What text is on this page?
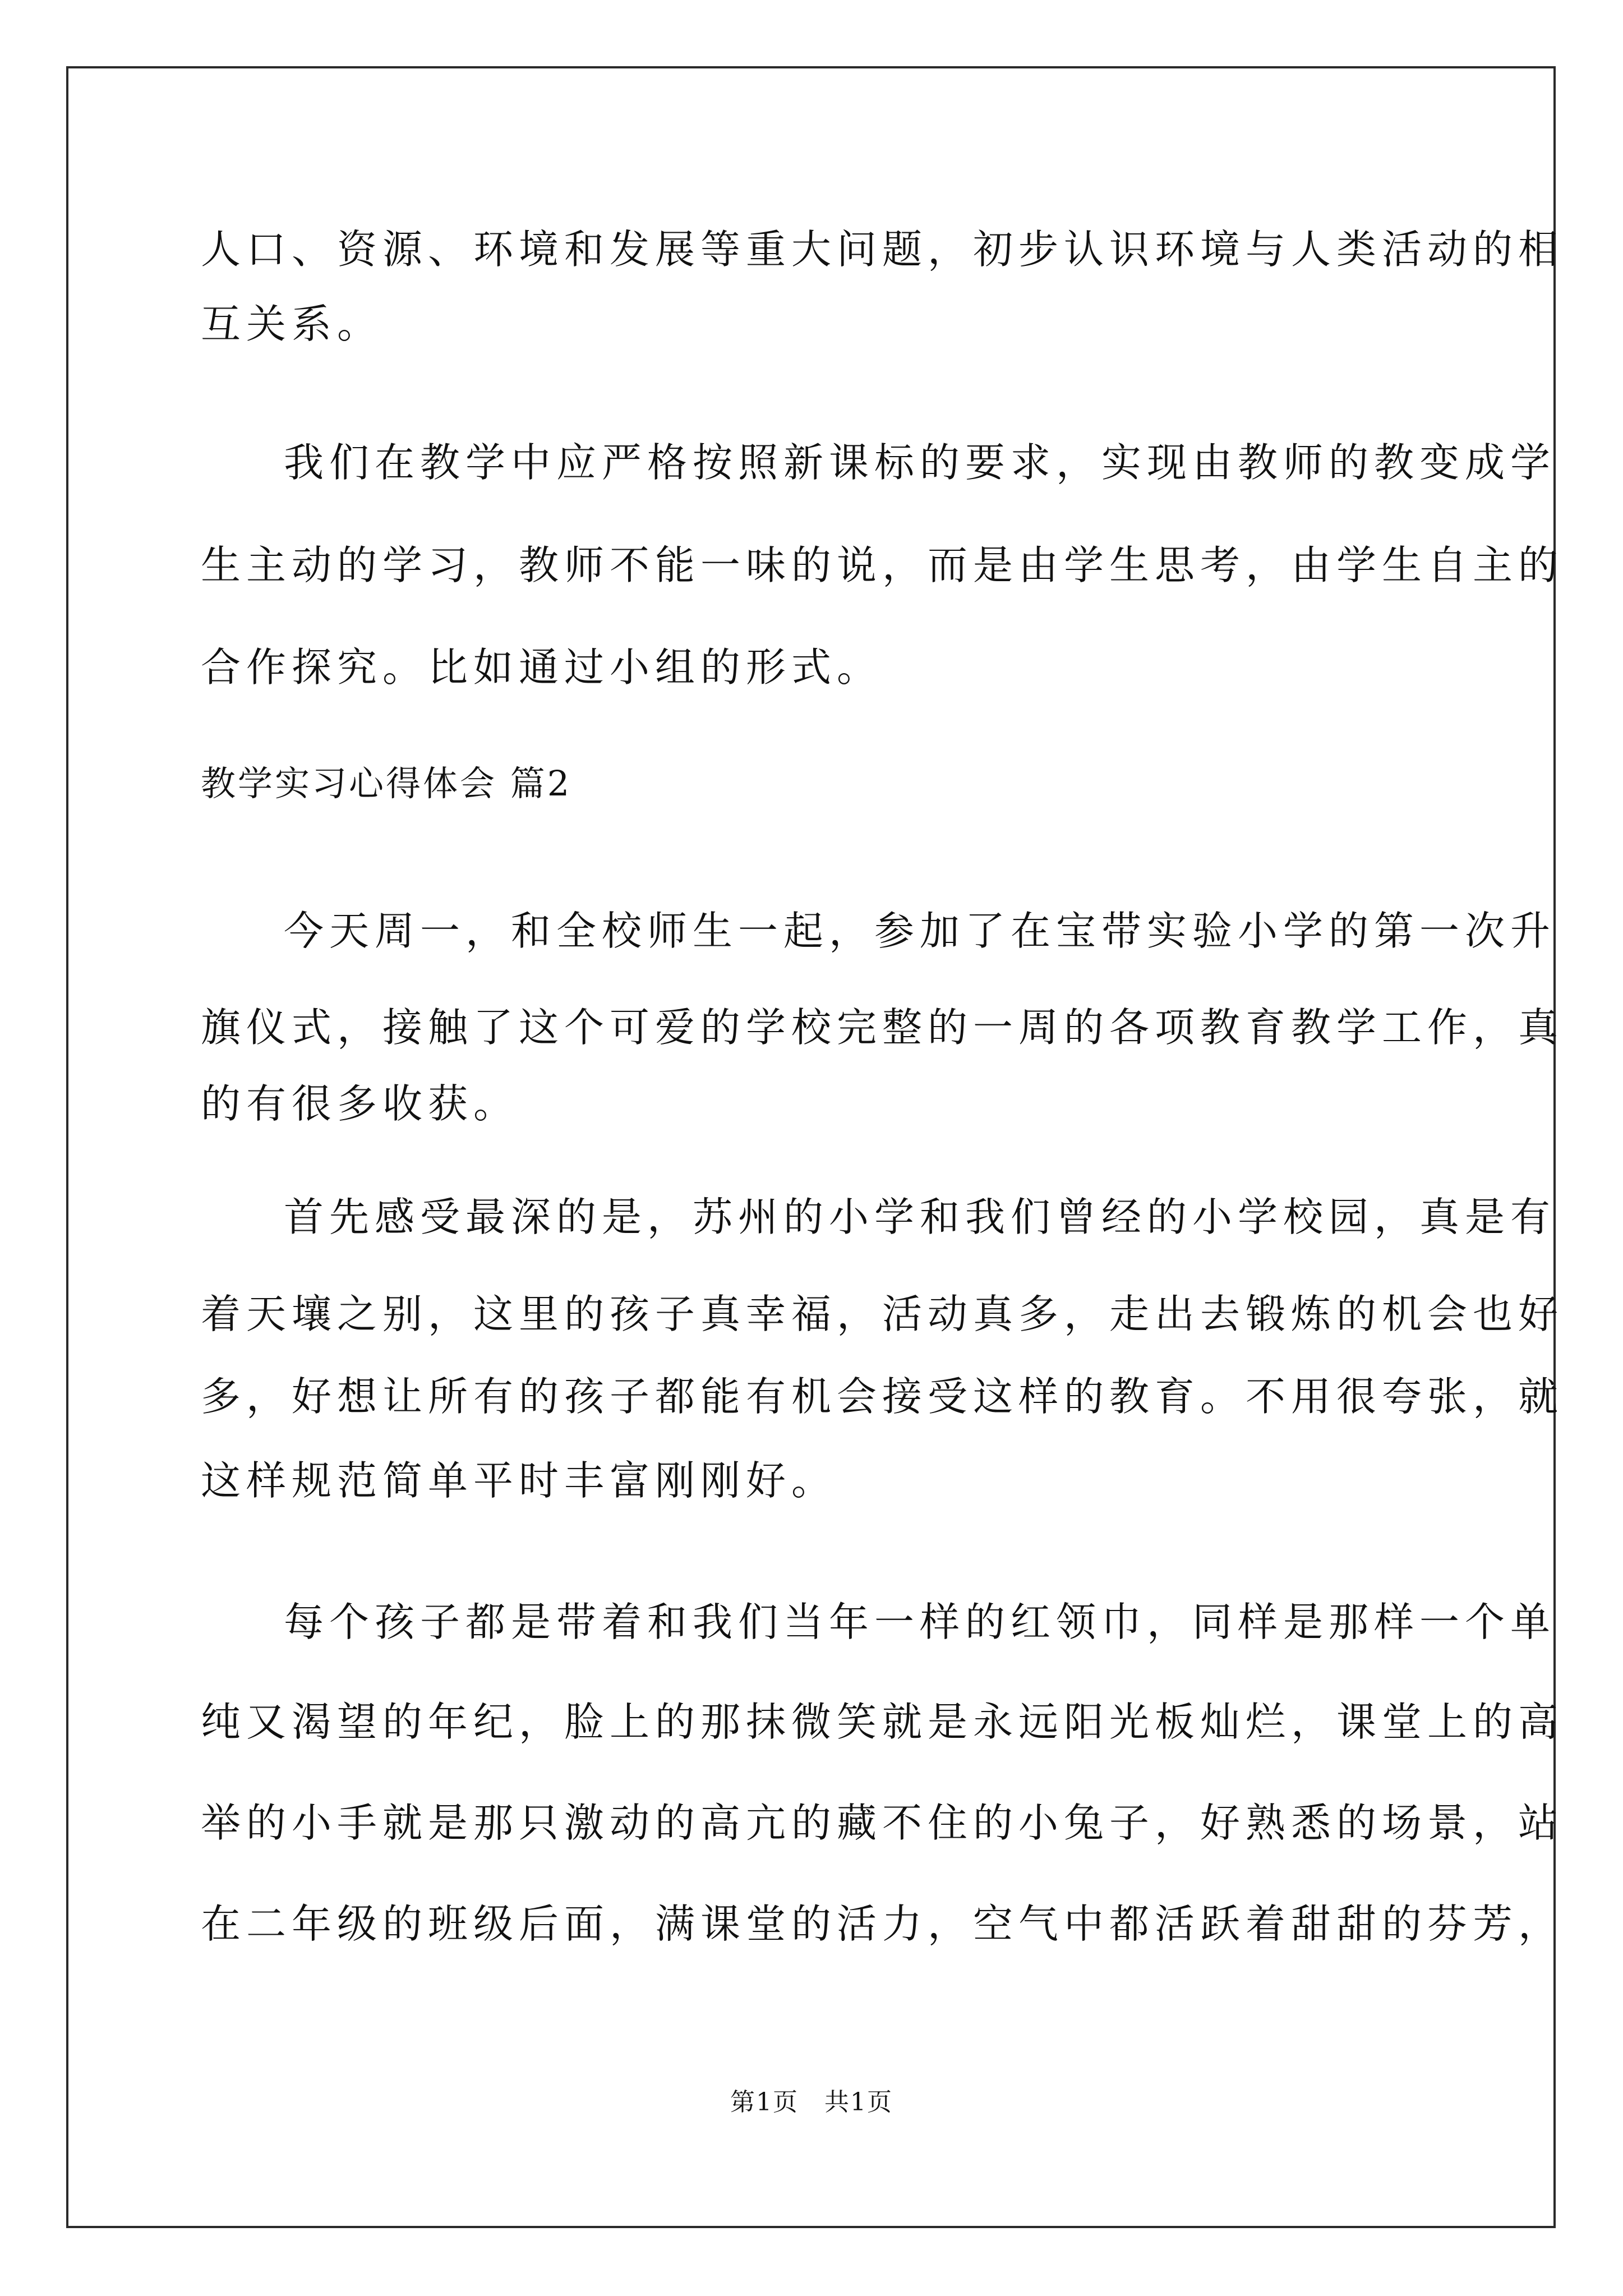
人口、资源、环境和发展等重大问题，初步认识环境与人类活动的相
互关系。
我们在教学中应严格按照新课标的要求，实现由教师的教变成学
生主动的学习，教师不能一味的说，而是由学生思考，由学生自主的
合作探究。比如通过小组的形式。
教学实习心得体会 篇2
今天周一，和全校师生一起，参加了在宝带实验小学的第一次升
旗仪式，接触了这个可爱的学校完整的一周的各项教育教学工作，真
的有很多收获。
首先感受最深的是，苏州的小学和我们曾经的小学校园，真是有
着天壤之别，这里的孩子真幸福，活动真多，走出去锻炼的机会也好
多，好想让所有的孩子都能有机会接受这样的教育。不用很夸张，就
这样规范简单平时丰富刚刚好。
每个孩子都是带着和我们当年一样的红领巾，同样是那样一个单
纯又渴望的年纪，脸上的那抹微笑就是永远阳光板灿烂，课堂上的高
举的小手就是那只激动的高亢的藏不住的小兔子，好熟悉的场景，站
在二年级的班级后面，满课堂的活力，空气中都活跃着甜甜的芬芳，
第1页　共1页
